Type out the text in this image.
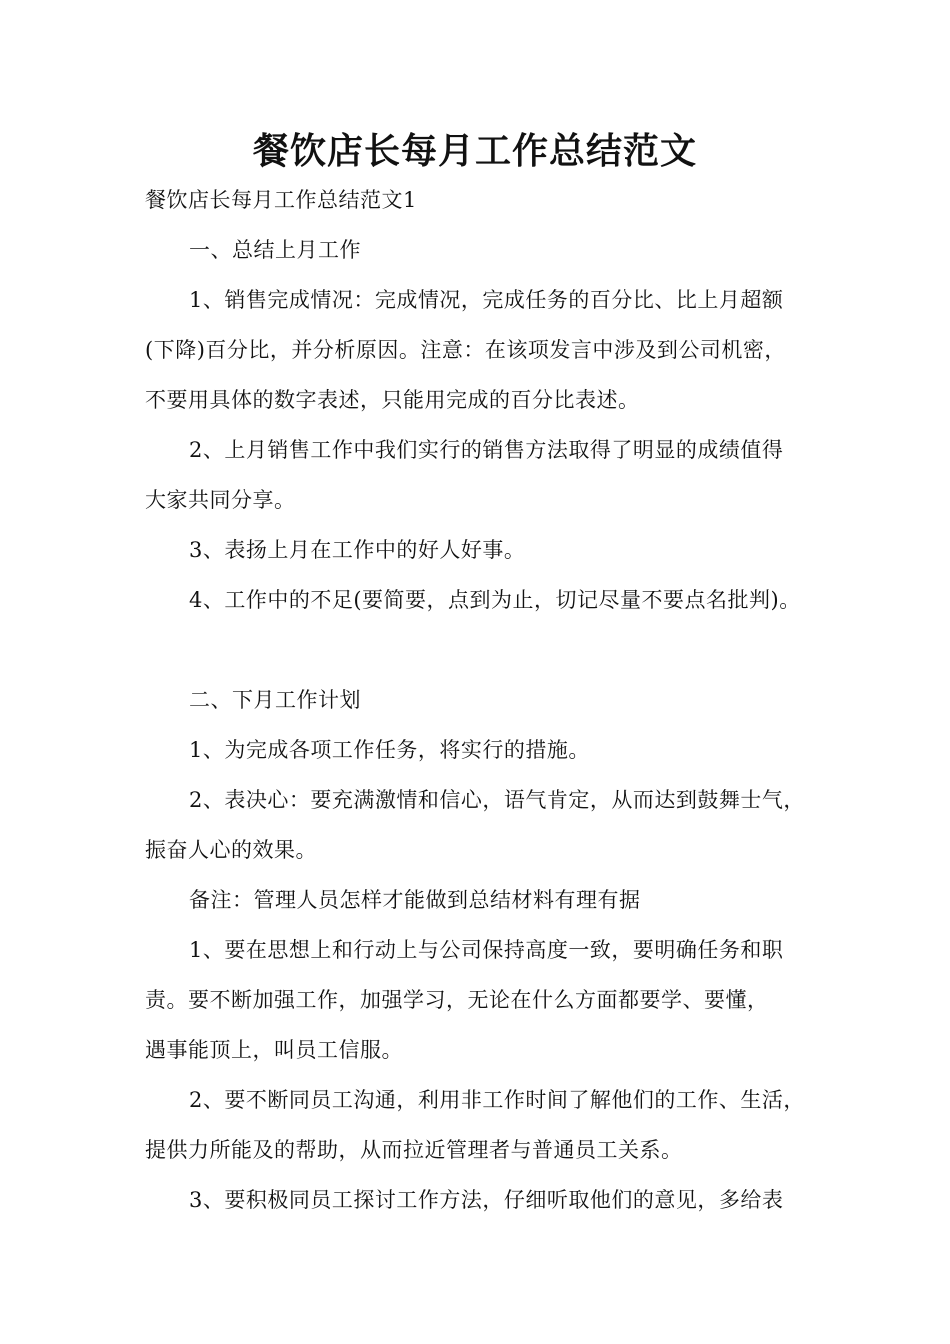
餐饮店长每月工作总结范文
餐饮店长每月工作总结范文1
一、总结上月工作
1、销售完成情况：完成情况，完成任务的百分比、比上月超额
(下降)百分比，并分析原因。注意：在该项发言中涉及到公司机密，
不要用具体的数字表述，只能用完成的百分比表述。
2、上月销售工作中我们实行的销售方法取得了明显的成绩值得
大家共同分享。
3、表扬上月在工作中的好人好事。
4、工作中的不足(要简要，点到为止，切记尽量不要点名批判)。
二、下月工作计划
1、为完成各项工作任务，将实行的措施。
2、表决心：要充满激情和信心，语气肯定，从而达到鼓舞士气，
振奋人心的效果。
备注：管理人员怎样才能做到总结材料有理有据
1、要在思想上和行动上与公司保持高度一致，要明确任务和职
责。要不断加强工作，加强学习，无论在什么方面都要学、要懂，
遇事能顶上，叫员工信服。
2、要不断同员工沟通，利用非工作时间了解他们的工作、生活，
提供力所能及的帮助，从而拉近管理者与普通员工关系。
3、要积极同员工探讨工作方法，仔细听取他们的意见，多给表
